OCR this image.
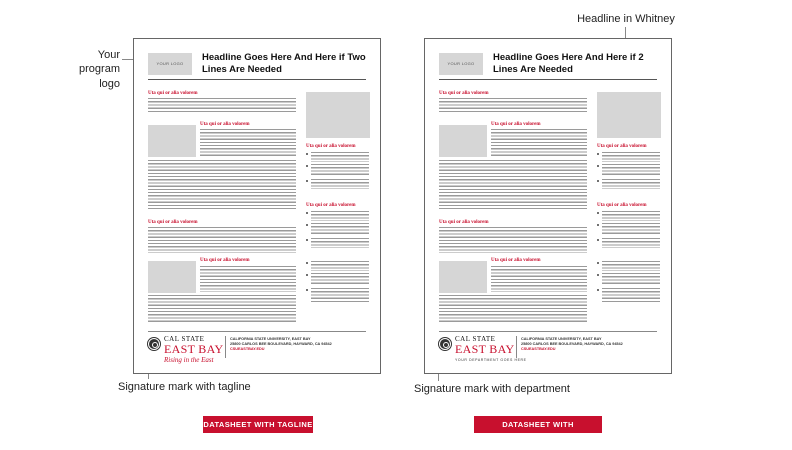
Your program logo
Headline in Whitney
Signature mark with tagline	Signature mark with department
YOUR LOGO
Headline Goes Here And Here if Two Lines Are Needed
Uta qui or alia volorem
Uta qui or alia volorem
Uta qui or alia volorem
Uta qui or alia volorem
Uta qui or alia volorem
Uta qui or alia volorem
CAL STATE
EAST BAY
Rising in the East
CALIFORNIA STATE UNIVERSITY, EAST BAY
25800 CARLOS BEE BOULEVARD, HAYWARD, CA 94542
CSUEASTBAY.EDU
YOUR LOGO
Headline Goes Here And Here if 2 Lines Are Needed
Uta qui or alia volorem
Uta qui or alia volorem
Uta qui or alia volorem
Uta qui or alia volorem
Uta qui or alia volorem
Uta qui or alia volorem
CAL STATE
EAST BAY
YOUR DEPARTMENT GOES HERE
CALIFORNIA STATE UNIVERSITY, EAST BAY
25800 CARLOS BEE BOULEVARD, HAYWARD, CA 94542
CSUEASTBAY.EDU
DATASHEET WITH TAGLINE	DATASHEET WITH DEPARTMENT
